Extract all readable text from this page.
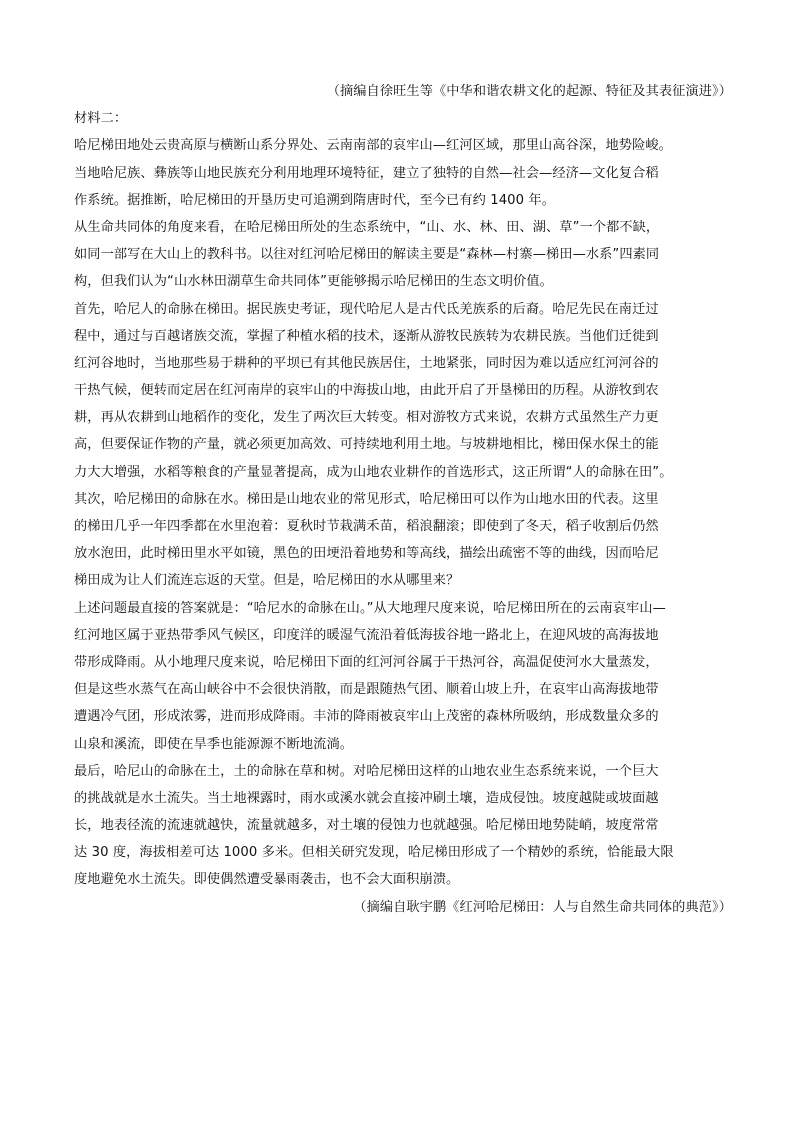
（摘编自徐旺生等《中华和谐农耕文化的起源、特征及其表征演进》）
材料二：
哈尼梯田地处云贵高原与横断山系分界处、云南南部的哀牢山—红河区域，那里山高谷深，地势险峻。
当地哈尼族、彝族等山地民族充分利用地理环境特征，建立了独特的自然—社会—经济—文化复合稻
作系统。据推断，哈尼梯田的开垦历史可追溯到隋唐时代，至今已有约 1400 年。
从生命共同体的角度来看，在哈尼梯田所处的生态系统中，“山、水、林、田、湖、草”一个都不缺，
如同一部写在大山上的教科书。以往对红河哈尼梯田的解读主要是“森林—村寨—梯田—水系”四素同
构，但我们认为“山水林田湖草生命共同体”更能够揭示哈尼梯田的生态文明价值。
首先，哈尼人的命脉在梯田。据民族史考证，现代哈尼人是古代氐羌族系的后裔。哈尼先民在南迁过
程中，通过与百越诸族交流，掌握了种植水稻的技术，逐渐从游牧民族转为农耕民族。当他们迁徙到
红河谷地时，当地那些易于耕种的平坝已有其他民族居住，土地紧张，同时因为难以适应红河河谷的
干热气候，便转而定居在红河南岸的哀牢山的中海拔山地，由此开启了开垦梯田的历程。从游牧到农
耕，再从农耕到山地稻作的变化，发生了两次巨大转变。相对游牧方式来说，农耕方式虽然生产力更
高，但要保证作物的产量，就必须更加高效、可持续地利用土地。与坡耕地相比，梯田保水保土的能
力大大增强，水稻等粮食的产量显著提高，成为山地农业耕作的首选形式，这正所谓“人的命脉在田”。
其次，哈尼梯田的命脉在水。梯田是山地农业的常见形式，哈尼梯田可以作为山地水田的代表。这里
的梯田几乎一年四季都在水里泡着：夏秋时节栽满禾苗，稻浪翻滚；即使到了冬天，稻子收割后仍然
放水泡田，此时梯田里水平如镜，黑色的田埂沿着地势和等高线，描绘出疏密不等的曲线，因而哈尼
梯田成为让人们流连忘返的天堂。但是，哈尼梯田的水从哪里来？
上述问题最直接的答案就是：“哈尼水的命脉在山。”从大地理尺度来说，哈尼梯田所在的云南哀牢山—
红河地区属于亚热带季风气候区，印度洋的暖湿气流沿着低海拔谷地一路北上，在迎风坡的高海拔地
带形成降雨。从小地理尺度来说，哈尼梯田下面的红河河谷属于干热河谷，高温促使河水大量蒸发，
但是这些水蒸气在高山峡谷中不会很快消散，而是跟随热气团、顺着山坡上升，在哀牢山高海拔地带
遭遇冷气团，形成浓雾，进而形成降雨。丰沛的降雨被哀牢山上茂密的森林所吸纳，形成数量众多的
山泉和溪流，即使在旱季也能源源不断地流淌。
最后，哈尼山的命脉在土，土的命脉在草和树。对哈尼梯田这样的山地农业生态系统来说，一个巨大
的挑战就是水土流失。当土地裸露时，雨水或溪水就会直接冲刷土壤，造成侵蚀。坡度越陡或坡面越
长，地表径流的流速就越快，流量就越多，对土壤的侵蚀力也就越强。哈尼梯田地势陡峭，坡度常常
达 30 度，海拔相差可达 1000 多米。但相关研究发现，哈尼梯田形成了一个精妙的系统，恰能最大限
度地避免水土流失。即使偶然遭受暴雨袭击，也不会大面积崩溃。
（摘编自耿宇鹏《红河哈尼梯田：人与自然生命共同体的典范》）
